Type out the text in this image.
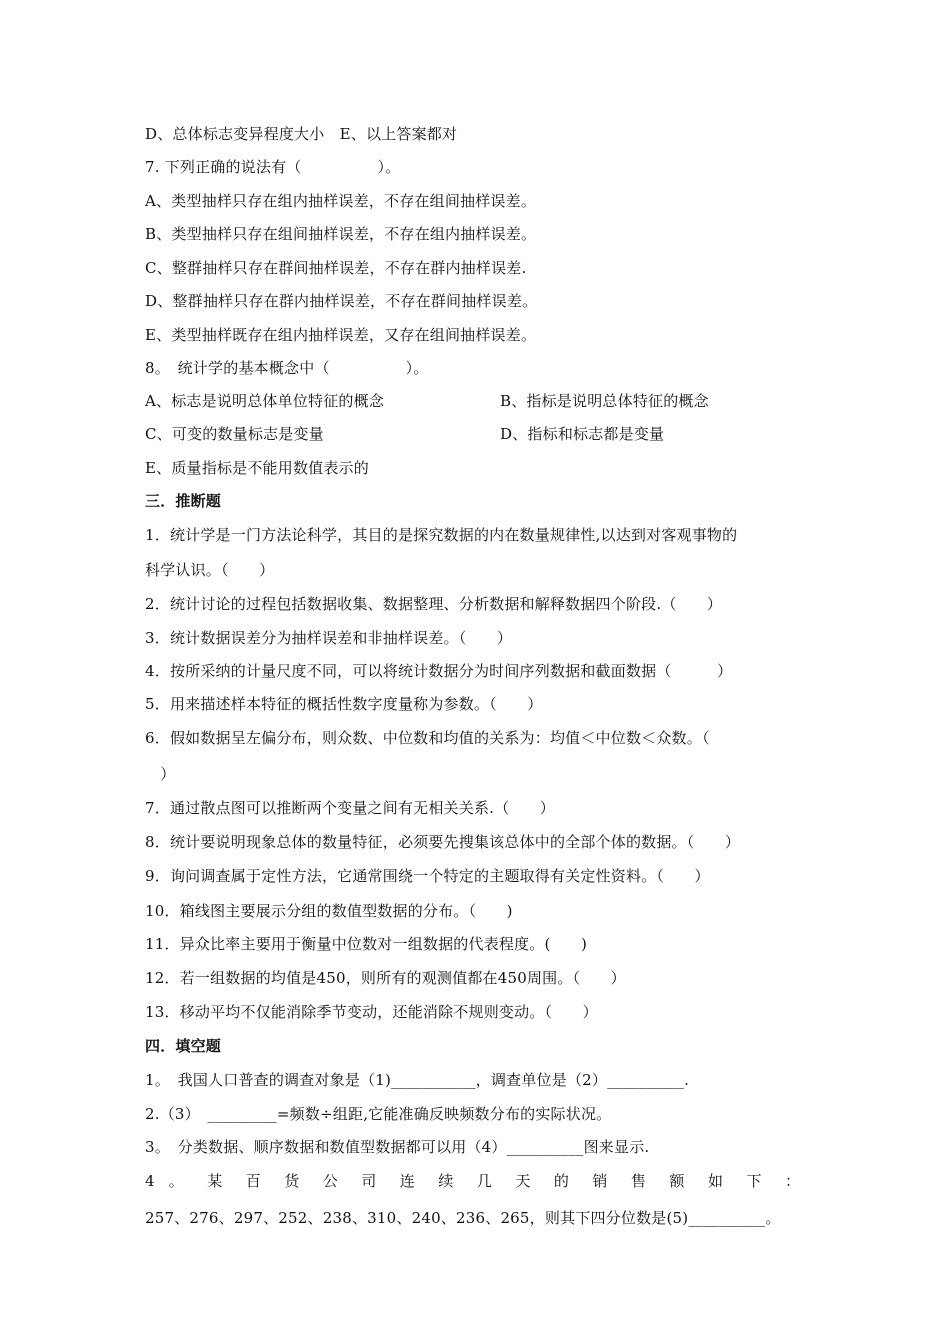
D、总体标志变异程度大小　E、以上答案都对
7. 下列正确的说法有（　　　　　）。
A、类型抽样只存在组内抽样误差，不存在组间抽样误差。
B、类型抽样只存在组间抽样误差，不存在组内抽样误差。
C、整群抽样只存在群间抽样误差，不存在群内抽样误差.
D、整群抽样只存在群内抽样误差，不存在群间抽样误差。
E、类型抽样既存在组内抽样误差，又存在组间抽样误差。
8。　统计学的基本概念中（　　　　　）。
A、标志是说明总体单位特征的概念	B、指标是说明总体特征的概念
C、可变的数量标志是变量	D、指标和标志都是变量
E、质量指标是不能用数值表示的
三．推断题
1．统计学是一门方法论科学，其目的是探究数据的内在数量规律性,以达到对客观事物的
科学认识。（　　）
2．统计讨论的过程包括数据收集、数据整理、分析数据和解释数据四个阶段.（　　）
3．统计数据误差分为抽样误差和非抽样误差。（　　）
4．按所采纳的计量尺度不同，可以将统计数据分为时间序列数据和截面数据（　　　）
5．用来描述样本特征的概括性数字度量称为参数。（　　）
6．假如数据呈左偏分布，则众数、中位数和均值的关系为：均值＜中位数＜众数。（
　）
7．通过散点图可以推断两个变量之间有无相关关系.（　　）
8．统计要说明现象总体的数量特征，必须要先搜集该总体中的全部个体的数据。（　　）
9．询问调查属于定性方法，它通常围绕一个特定的主题取得有关定性资料。（　　）
10．箱线图主要展示分组的数值型数据的分布。（　　)
11．异众比率主要用于衡量中位数对一组数据的代表程度。(　　)
12．若一组数据的均值是450，则所有的观测值都在450周围。（　　）
13．移动平均不仅能消除季节变动，还能消除不规则变动。（　　）
四．填空题
1。　我国人口普查的调查对象是（1)___________，调查单位是（2）__________.
2.（3）　_________=频数÷组距,它能准确反映频数分布的实际状况。
3。　分类数据、顺序数据和数值型数据都可以用（4）__________图来显示.
4 。 某 百 货 公 司 连 续 几 天 的 销 售 额 如 下 ：
257、276、297、252、238、310、240、236、265，则其下四分位数是(5)__________。
